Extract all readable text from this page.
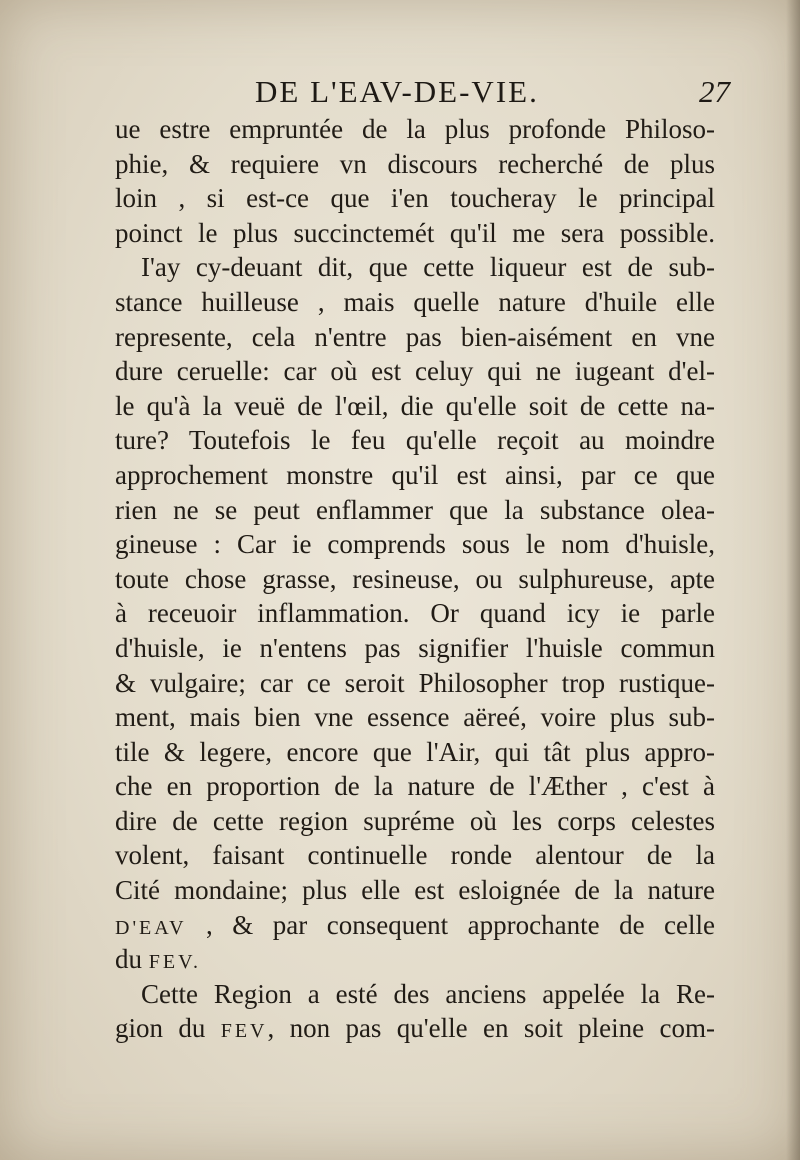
DE L'EAV-DE-VIE.	27
ue estre empruntée de la plus profonde Philoso-
phie, & requiere vn discours recherché de plus
loin , si est-ce que i'en toucheray le principal
poinct le plus succinctemét qu'il me sera possible.
I'ay cy-deuant dit, que cette liqueur est de sub-
stance huilleuse , mais quelle nature d'huile elle
represente, cela n'entre pas bien-aisément en vne
dure ceruelle: car où est celuy qui ne iugeant d'el-
le qu'à la veuë de l'œil, die qu'elle soit de cette na-
ture? Toutefois le feu qu'elle reçoit au moindre
approchement monstre qu'il est ainsi, par ce que
rien ne se peut enflammer que la substance olea-
gineuse : Car ie comprends sous le nom d'huisle,
toute chose grasse, resineuse, ou sulphureuse, apte
à receuoir inflammation. Or quand icy ie parle
d'huisle, ie n'entens pas signifier l'huisle commun
& vulgaire; car ce seroit Philosopher trop rustique-
ment, mais bien vne essence aëreé, voire plus sub-
tile & legere, encore que l'Air, qui tât plus appro-
che en proportion de la nature de l'Æther , c'est à
dire de cette region supréme où les corps celestes
volent, faisant continuelle ronde alentour de la
Cité mondaine; plus elle est esloignée de la nature
D'EAV , & par consequent approchante de celle
du FEV.
Cette Region a esté des anciens appelée la Re-
gion du FEV, non pas qu'elle en soit pleine com-
